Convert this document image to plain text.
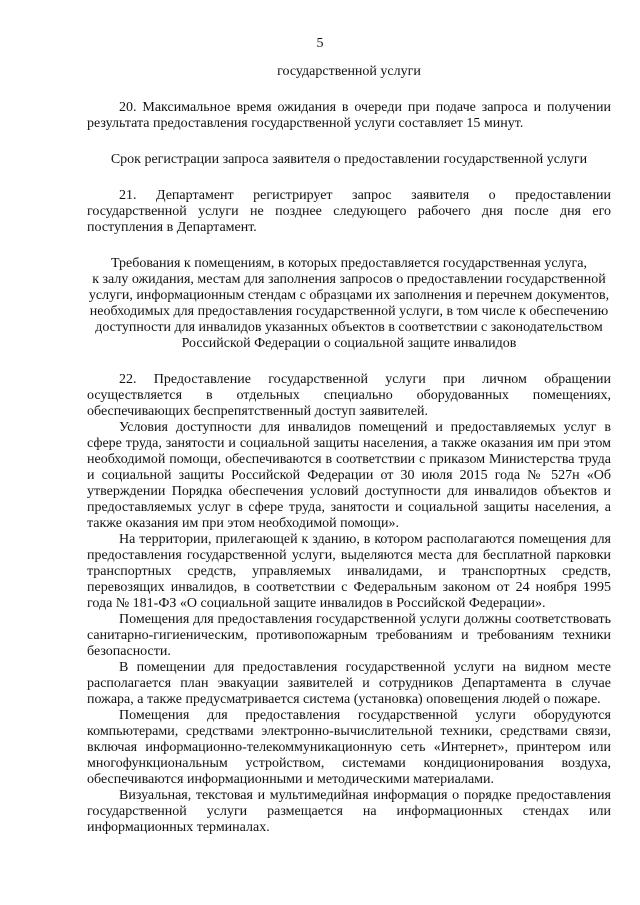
5

государственной услуги

20. Максимальное время ожидания в очереди при подаче запроса и получении результата предоставления государственной услуги составляет 15 минут.

Срок регистрации запроса заявителя о предоставлении государственной услуги

21. Департамент регистрирует запрос заявителя о предоставлении государственной услуги не позднее следующего рабочего дня после дня его поступления в Департамент.

Требования к помещениям, в которых предоставляется государственная услуга,
к залу ожидания, местам для заполнения запросов о предоставлении государственной
услуги, информационным стендам с образцами их заполнения и перечнем документов,
необходимых для предоставления государственной услуги, в том числе к обеспечению
доступности для инвалидов указанных объектов в соответствии с законодательством
Российской Федерации о социальной защите инвалидов

22. Предоставление государственной услуги при личном обращении осуществляется в отдельных специально оборудованных помещениях, обеспечивающих беспрепятственный доступ заявителей.

Условия доступности для инвалидов помещений и предоставляемых услуг в сфере труда, занятости и социальной защиты населения, а также оказания им при этом необходимой помощи, обеспечиваются в соответствии с приказом Министерства труда и социальной защиты Российской Федерации от 30 июля 2015 года № 527н «Об утверждении Порядка обеспечения условий доступности для инвалидов объектов и предоставляемых услуг в сфере труда, занятости и социальной защиты населения, а также оказания им при этом необходимой помощи».

На территории, прилегающей к зданию, в котором располагаются помещения для предоставления государственной услуги, выделяются места для бесплатной парковки транспортных средств, управляемых инвалидами, и транспортных средств, перевозящих инвалидов, в соответствии с Федеральным законом от 24 ноября 1995 года № 181-ФЗ «О социальной защите инвалидов в Российской Федерации».

Помещения для предоставления государственной услуги должны соответствовать санитарно-гигиеническим, противопожарным требованиям и требованиям техники безопасности.

В помещении для предоставления государственной услуги на видном месте располагается план эвакуации заявителей и сотрудников Департамента в случае пожара, а также предусматривается система (установка) оповещения людей о пожаре.

Помещения для предоставления государственной услуги оборудуются компьютерами, средствами электронно-вычислительной техники, средствами связи, включая информационно-телекоммуникационную сеть «Интернет», принтером или многофункциональным устройством, системами кондиционирования воздуха, обеспечиваются информационными и методическими материалами.

Визуальная, текстовая и мультимедийная информация о порядке предоставления государственной услуги размещается на информационных стендах или информационных терминалах.
